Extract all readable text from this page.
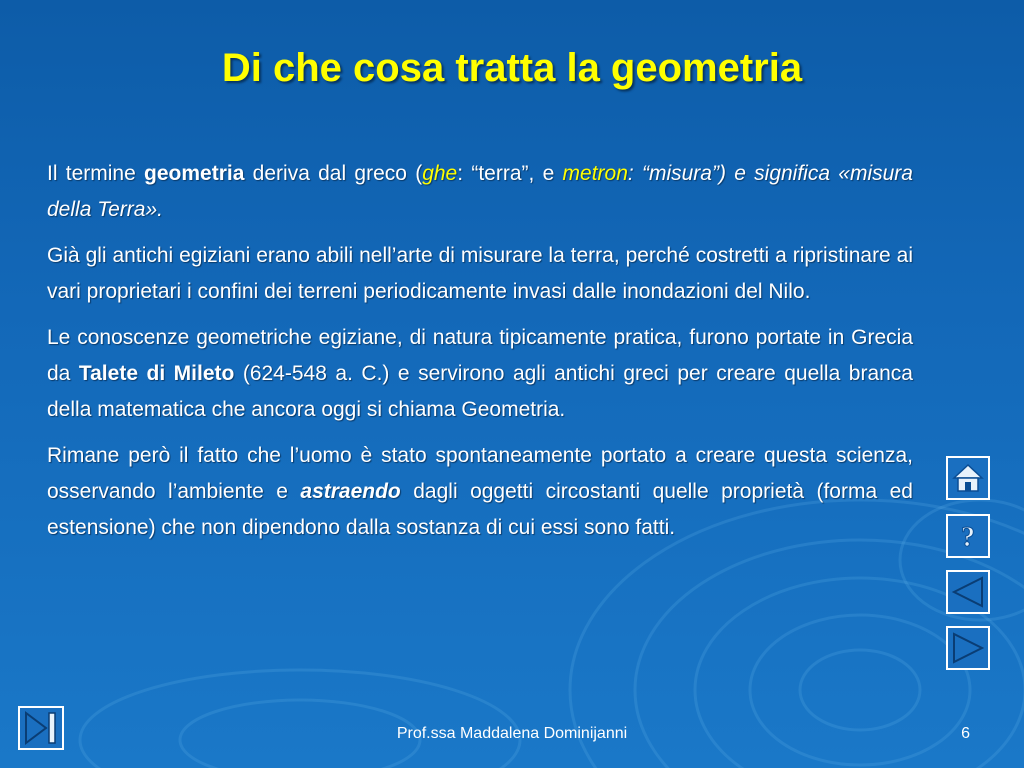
Di che cosa tratta la geometria

Il termine geometria deriva dal greco (ghe: “terra”, e metron: “misura”) e significa «misura della Terra».

Già gli antichi egiziani erano abili nell’arte di misurare la terra, perché costretti a ripristinare ai vari proprietari i confini dei terreni periodicamente invasi dalle inondazioni del Nilo.

Le conoscenze geometriche egiziane, di natura tipicamente pratica, furono portate in Grecia da Talete di Mileto (624-548 a. C.) e servirono agli antichi greci per creare quella branca della matematica che ancora oggi si chiama Geometria.

Rimane però il fatto che l’uomo è stato spontaneamente portato a creare questa scienza, osservando l’ambiente e astraendo dagli oggetti circostanti quelle proprietà (forma ed estensione) che non dipendono dalla sostanza di cui essi sono fatti.	?
Prof.ssa Maddalena Dominijanni	6
